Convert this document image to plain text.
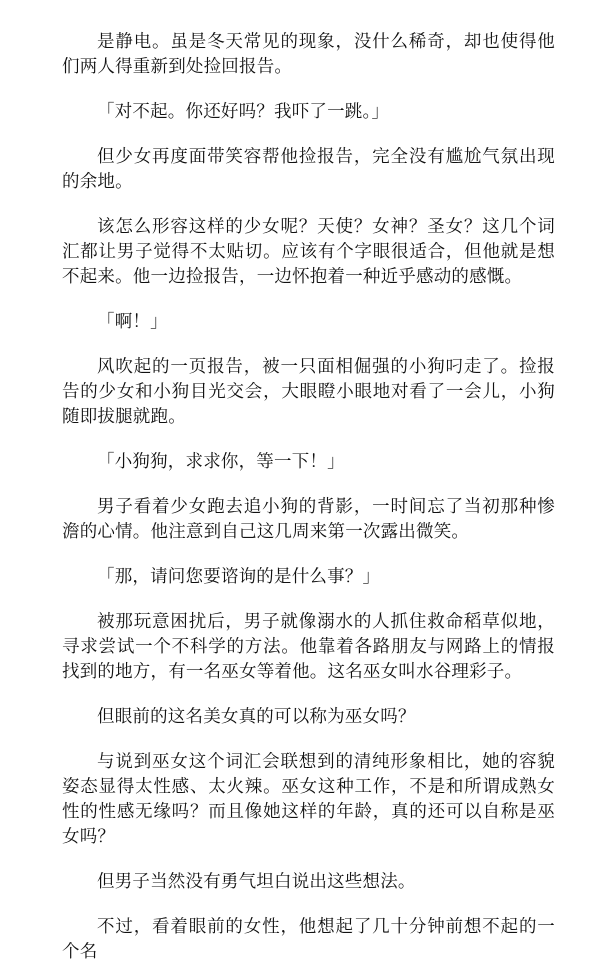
是静电。虽是冬天常见的现象，没什么稀奇，却也使得他们两人得重新到处捡回报告。

「对不起。你还好吗？我吓了一跳。」

但少女再度面带笑容帮他捡报告，完全没有尴尬气氛出现的余地。

该怎么形容这样的少女呢？天使？女神？圣女？这几个词汇都让男子觉得不太贴切。应该有个字眼很适合，但他就是想不起来。他一边捡报告，一边怀抱着一种近乎感动的感慨。

「啊！」

风吹起的一页报告，被一只面相倔强的小狗叼走了。捡报告的少女和小狗目光交会，大眼瞪小眼地对看了一会儿，小狗随即拔腿就跑。

「小狗狗，求求你，等一下！」

男子看着少女跑去追小狗的背影，一时间忘了当初那种惨澹的心情。他注意到自己这几周来第一次露出微笑。

「那，请问您要谘询的是什么事？」

被那玩意困扰后，男子就像溺水的人抓住救命稻草似地，寻求尝试一个不科学的方法。他靠着各路朋友与网路上的情报找到的地方，有一名巫女等着他。这名巫女叫水谷理彩子。

但眼前的这名美女真的可以称为巫女吗？

与说到巫女这个词汇会联想到的清纯形象相比，她的容貌姿态显得太性感、太火辣。巫女这种工作，不是和所谓成熟女性的性感无缘吗？而且像她这样的年龄，真的还可以自称是巫女吗？

但男子当然没有勇气坦白说出这些想法。

不过，看着眼前的女性，他想起了几十分钟前想不起的一个名
